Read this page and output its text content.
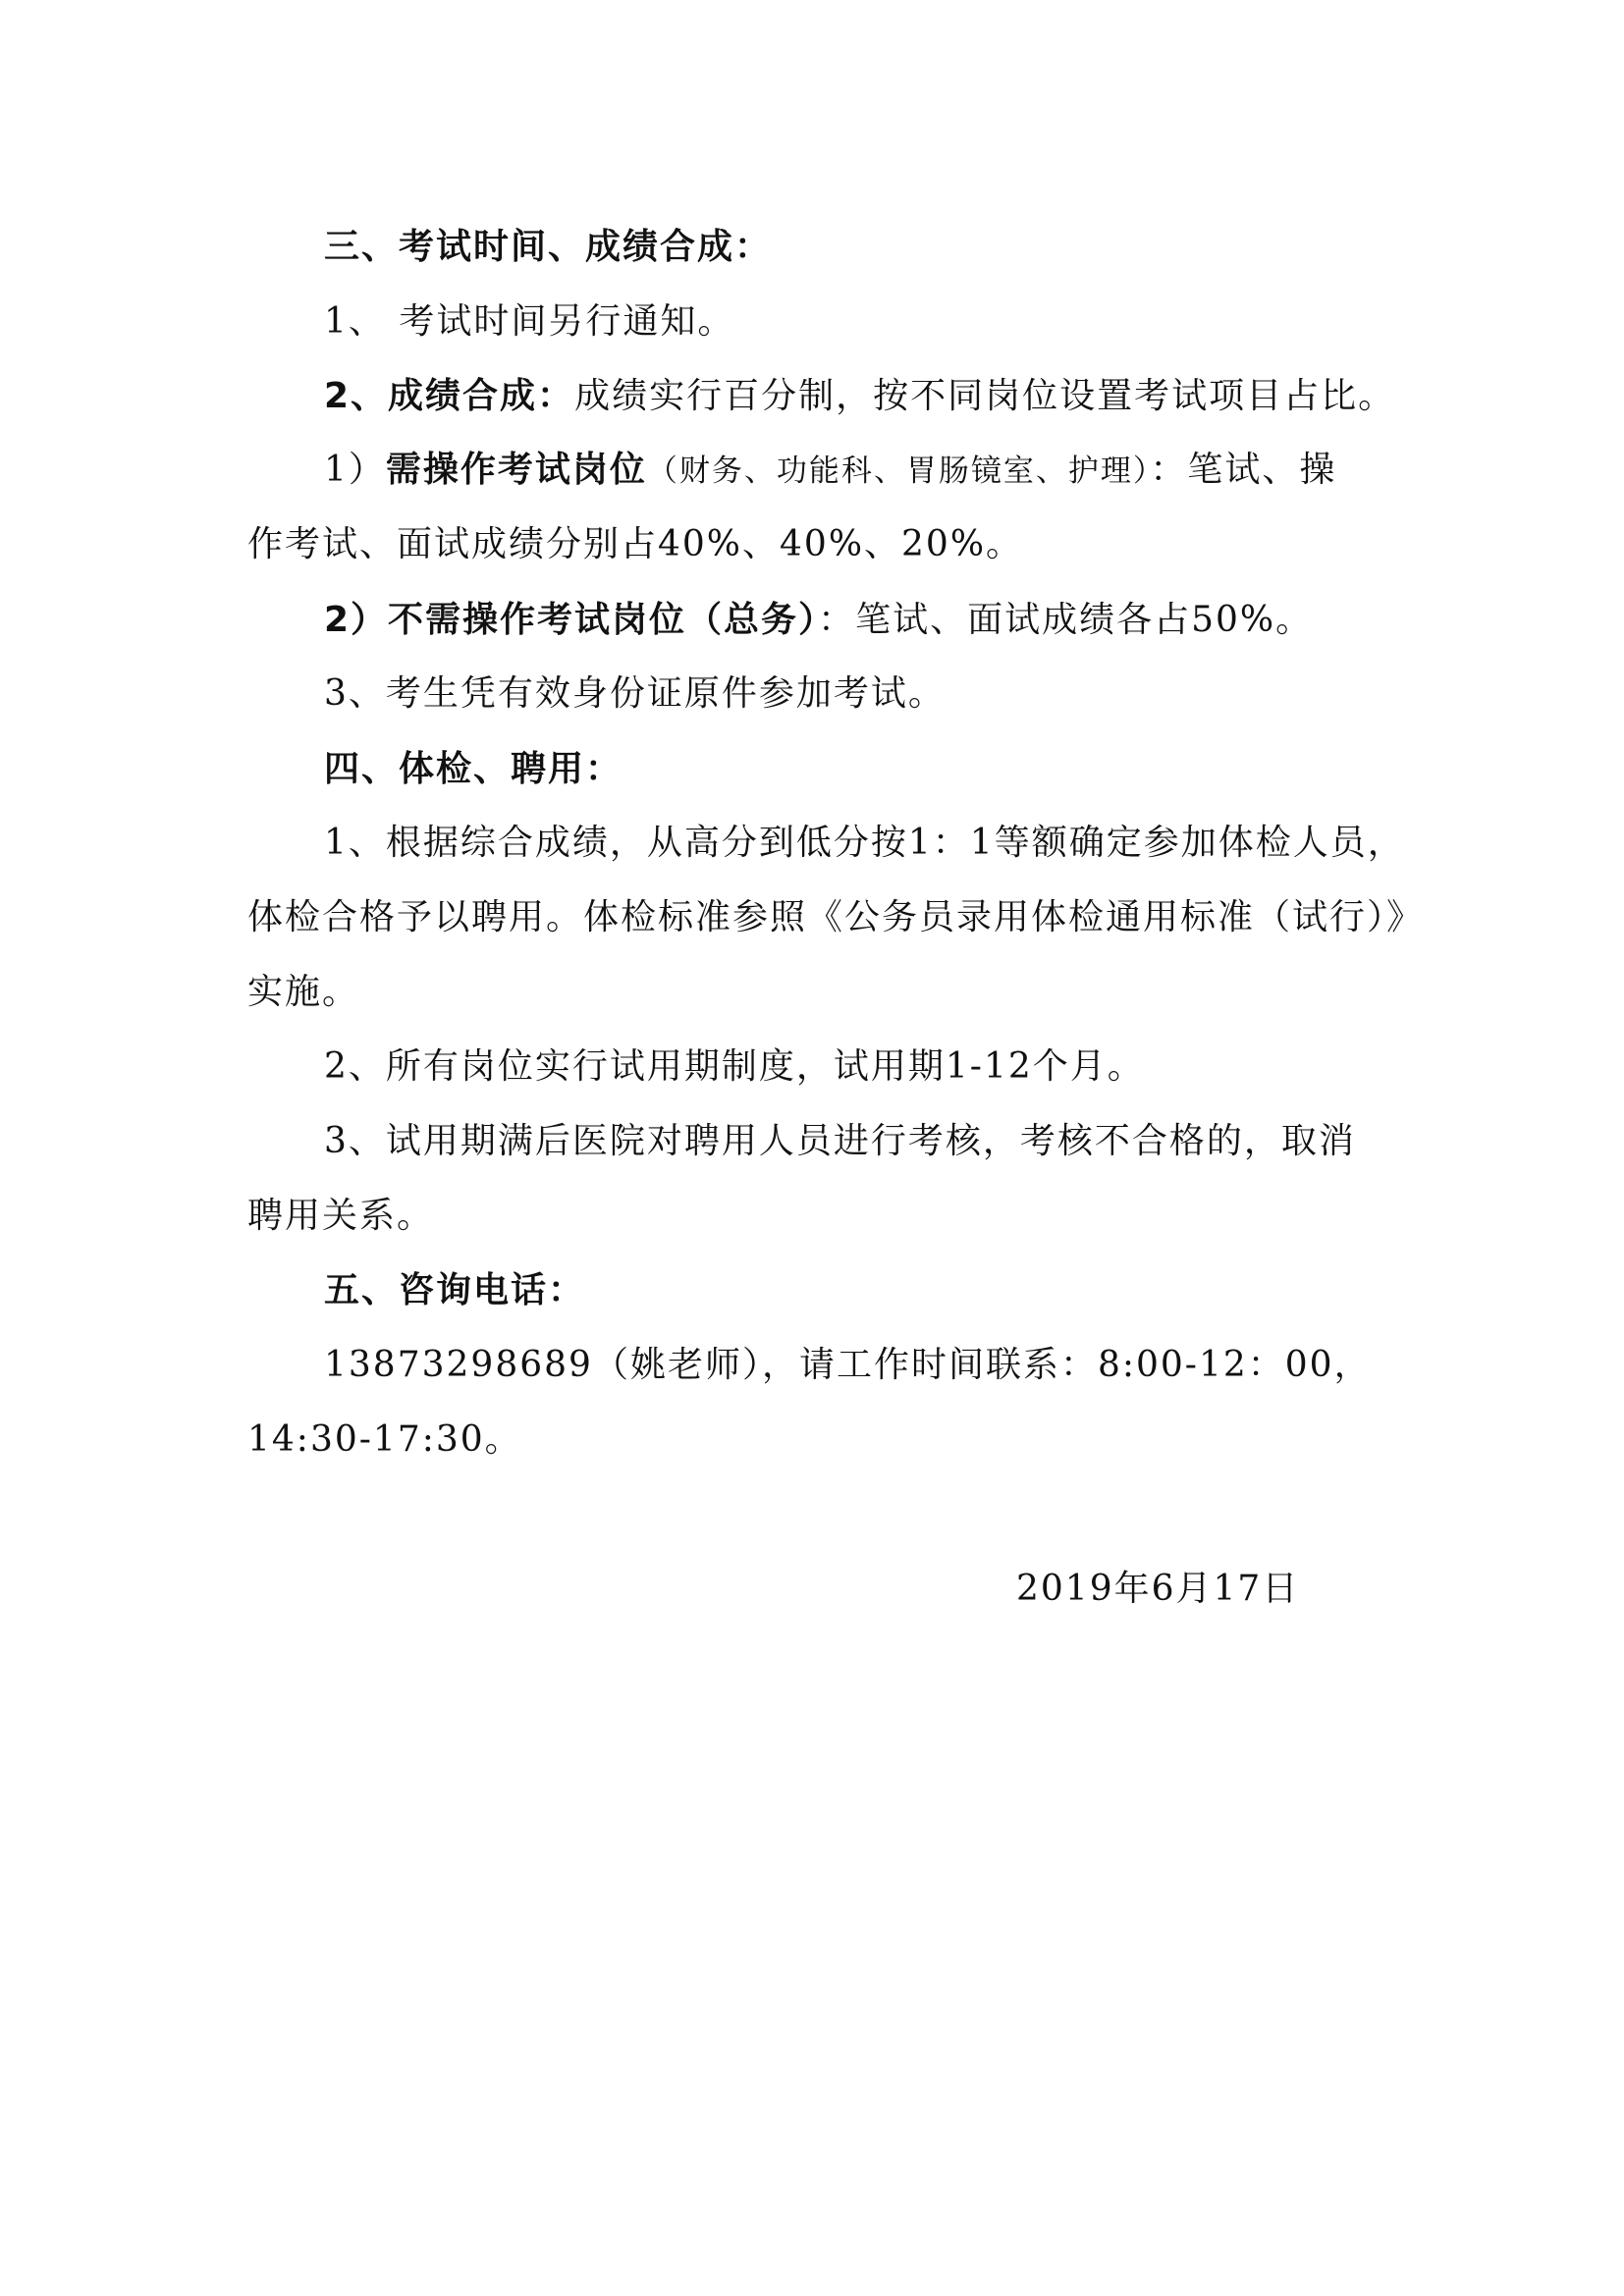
三、考试时间、成绩合成：
1、 考试时间另行通知。
2、成绩合成：成绩实行百分制，按不同岗位设置考试项目占比。
1）需操作考试岗位（财务、功能科、胃肠镜室、护理）：笔试、操
作考试、面试成绩分别占40%、40%、20%。
2）不需操作考试岗位（总务）：笔试、面试成绩各占50%。
3、考生凭有效身份证原件参加考试。
四、体检、聘用：
1、根据综合成绩，从高分到低分按1：1等额确定参加体检人员，
体检合格予以聘用。体检标准参照《公务员录用体检通用标准（试行）》
实施。
2、所有岗位实行试用期制度，试用期1-12个月。
3、试用期满后医院对聘用人员进行考核，考核不合格的，取消
聘用关系。
五、咨询电话：
13873298689（姚老师），请工作时间联系：8:00-12：00，
14:30-17:30。
2019年6月17日
